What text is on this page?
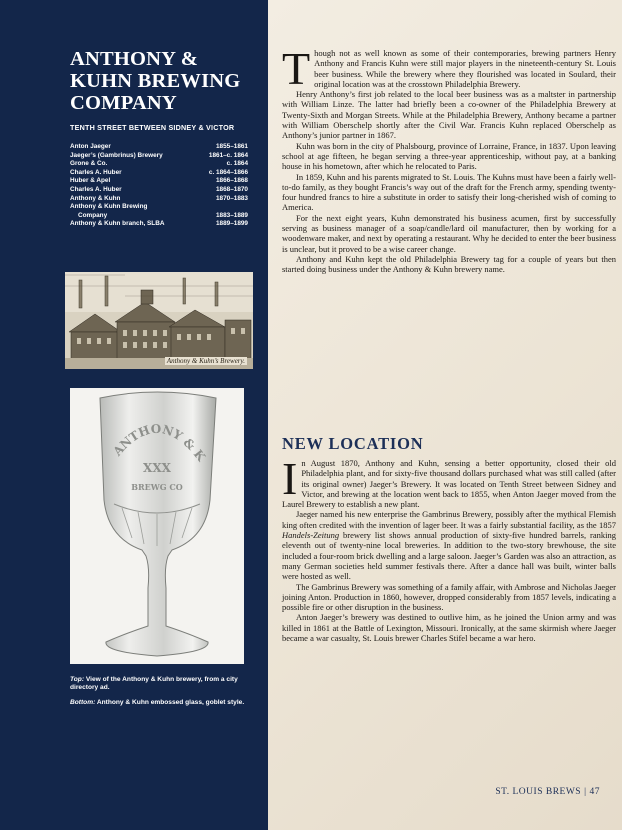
ANTHONY &
KUHN BREWING
COMPANY
TENTH STREET BETWEEN SIDNEY & VICTOR
Anton Jaeger	1855–1861
Jaeger’s (Gambrinus) Brewery	1861–c. 1864
Grone & Co.	c. 1864
Charles A. Huber	c. 1864–1866
Huber & Apel	1866–1868
Charles A. Huber	1868–1870
Anthony & Kuhn	1870–1883
Anthony & Kuhn Brewing
Company	1883–1889
Anthony & Kuhn branch, SLBA	1889–1899
Anthony & Kuhn’s Brewery.
ANTHONY & K
XXX
BREWG CO

Top: View of the Anthony & Kuhn brewery, from a city directory ad.

Bottom: Anthony & Kuhn embossed glass, goblet style.

Though not as well known as some of their contemporaries, brewing partners Henry Anthony and Francis Kuhn were still major players in the nineteenth-century St. Louis beer business. While the brewery where they flourished was located in Soulard, their original location was at the crosstown Philadelphia Brewery.

Henry Anthony’s first job related to the local beer business was as a maltster in partnership with William Linze. The latter had briefly been a co-owner of the Philadelphia Brewery at Twenty-Sixth and Morgan Streets. While at the Philadelphia Brewery, Anthony became a partner with William Oberschelp shortly after the Civil War. Francis Kuhn replaced Oberschelp as Anthony’s junior partner in 1867.

Kuhn was born in the city of Phalsbourg, province of Lorraine, France, in 1837. Upon leaving school at age fifteen, he began serving a three-year apprenticeship, without pay, at a banking house in his hometown, after which he relocated to Paris.

In 1859, Kuhn and his parents migrated to St. Louis. The Kuhns must have been a fairly well-to-do family, as they bought Francis’s way out of the draft for the French army, spending twenty-four hundred francs to hire a substitute in order to satisfy their long-cherished wish of coming to America.

For the next eight years, Kuhn demonstrated his business acumen, first by successfully serving as business manager of a soap/candle/lard oil manufacturer, then by working for a woodenware maker, and next by operating a restaurant. Why he decided to enter the beer business is unclear, but it proved to be a wise career change.

Anthony and Kuhn kept the old Philadelphia Brewery tag for a couple of years but then started doing business under the Anthony & Kuhn brewery name.

NEW LOCATION

In August 1870, Anthony and Kuhn, sensing a better opportunity, closed their old Philadelphia plant, and for sixty-five thousand dollars purchased what was still called (after its original owner) Jaeger’s Brewery. It was located on Tenth Street between Sidney and Victor, and brewing at the location went back to 1855, when Anton Jaeger moved from the Laurel Brewery to establish a new plant.

Jaeger named his new enterprise the Gambrinus Brewery, possibly after the mythical Flemish king often credited with the invention of lager beer. It was a fairly substantial facility, as the 1857 Handels-Zeitung brewery list shows annual production of sixty-five hundred barrels, ranking eleventh out of twenty-nine local breweries. In addition to the two-story brewhouse, the site included a four-room brick dwelling and a large saloon. Jaeger’s Garden was also an attraction, as many German societies held summer festivals there. After a dance hall was built, winter balls were hosted as well.

The Gambrinus Brewery was something of a family affair, with Ambrose and Nicholas Jaeger joining Anton. Production in 1860, however, dropped considerably from 1857 levels, indicating a possible fire or other disruption in the business.

Anton Jaeger’s brewery was destined to outlive him, as he joined the Union army and was killed in 1861 at the Battle of Lexington, Missouri. Ironically, at the same skirmish where Jaeger became a war casualty, St. Louis brewer Charles Stifel became a war hero.

ST. LOUIS BREWS | 47
